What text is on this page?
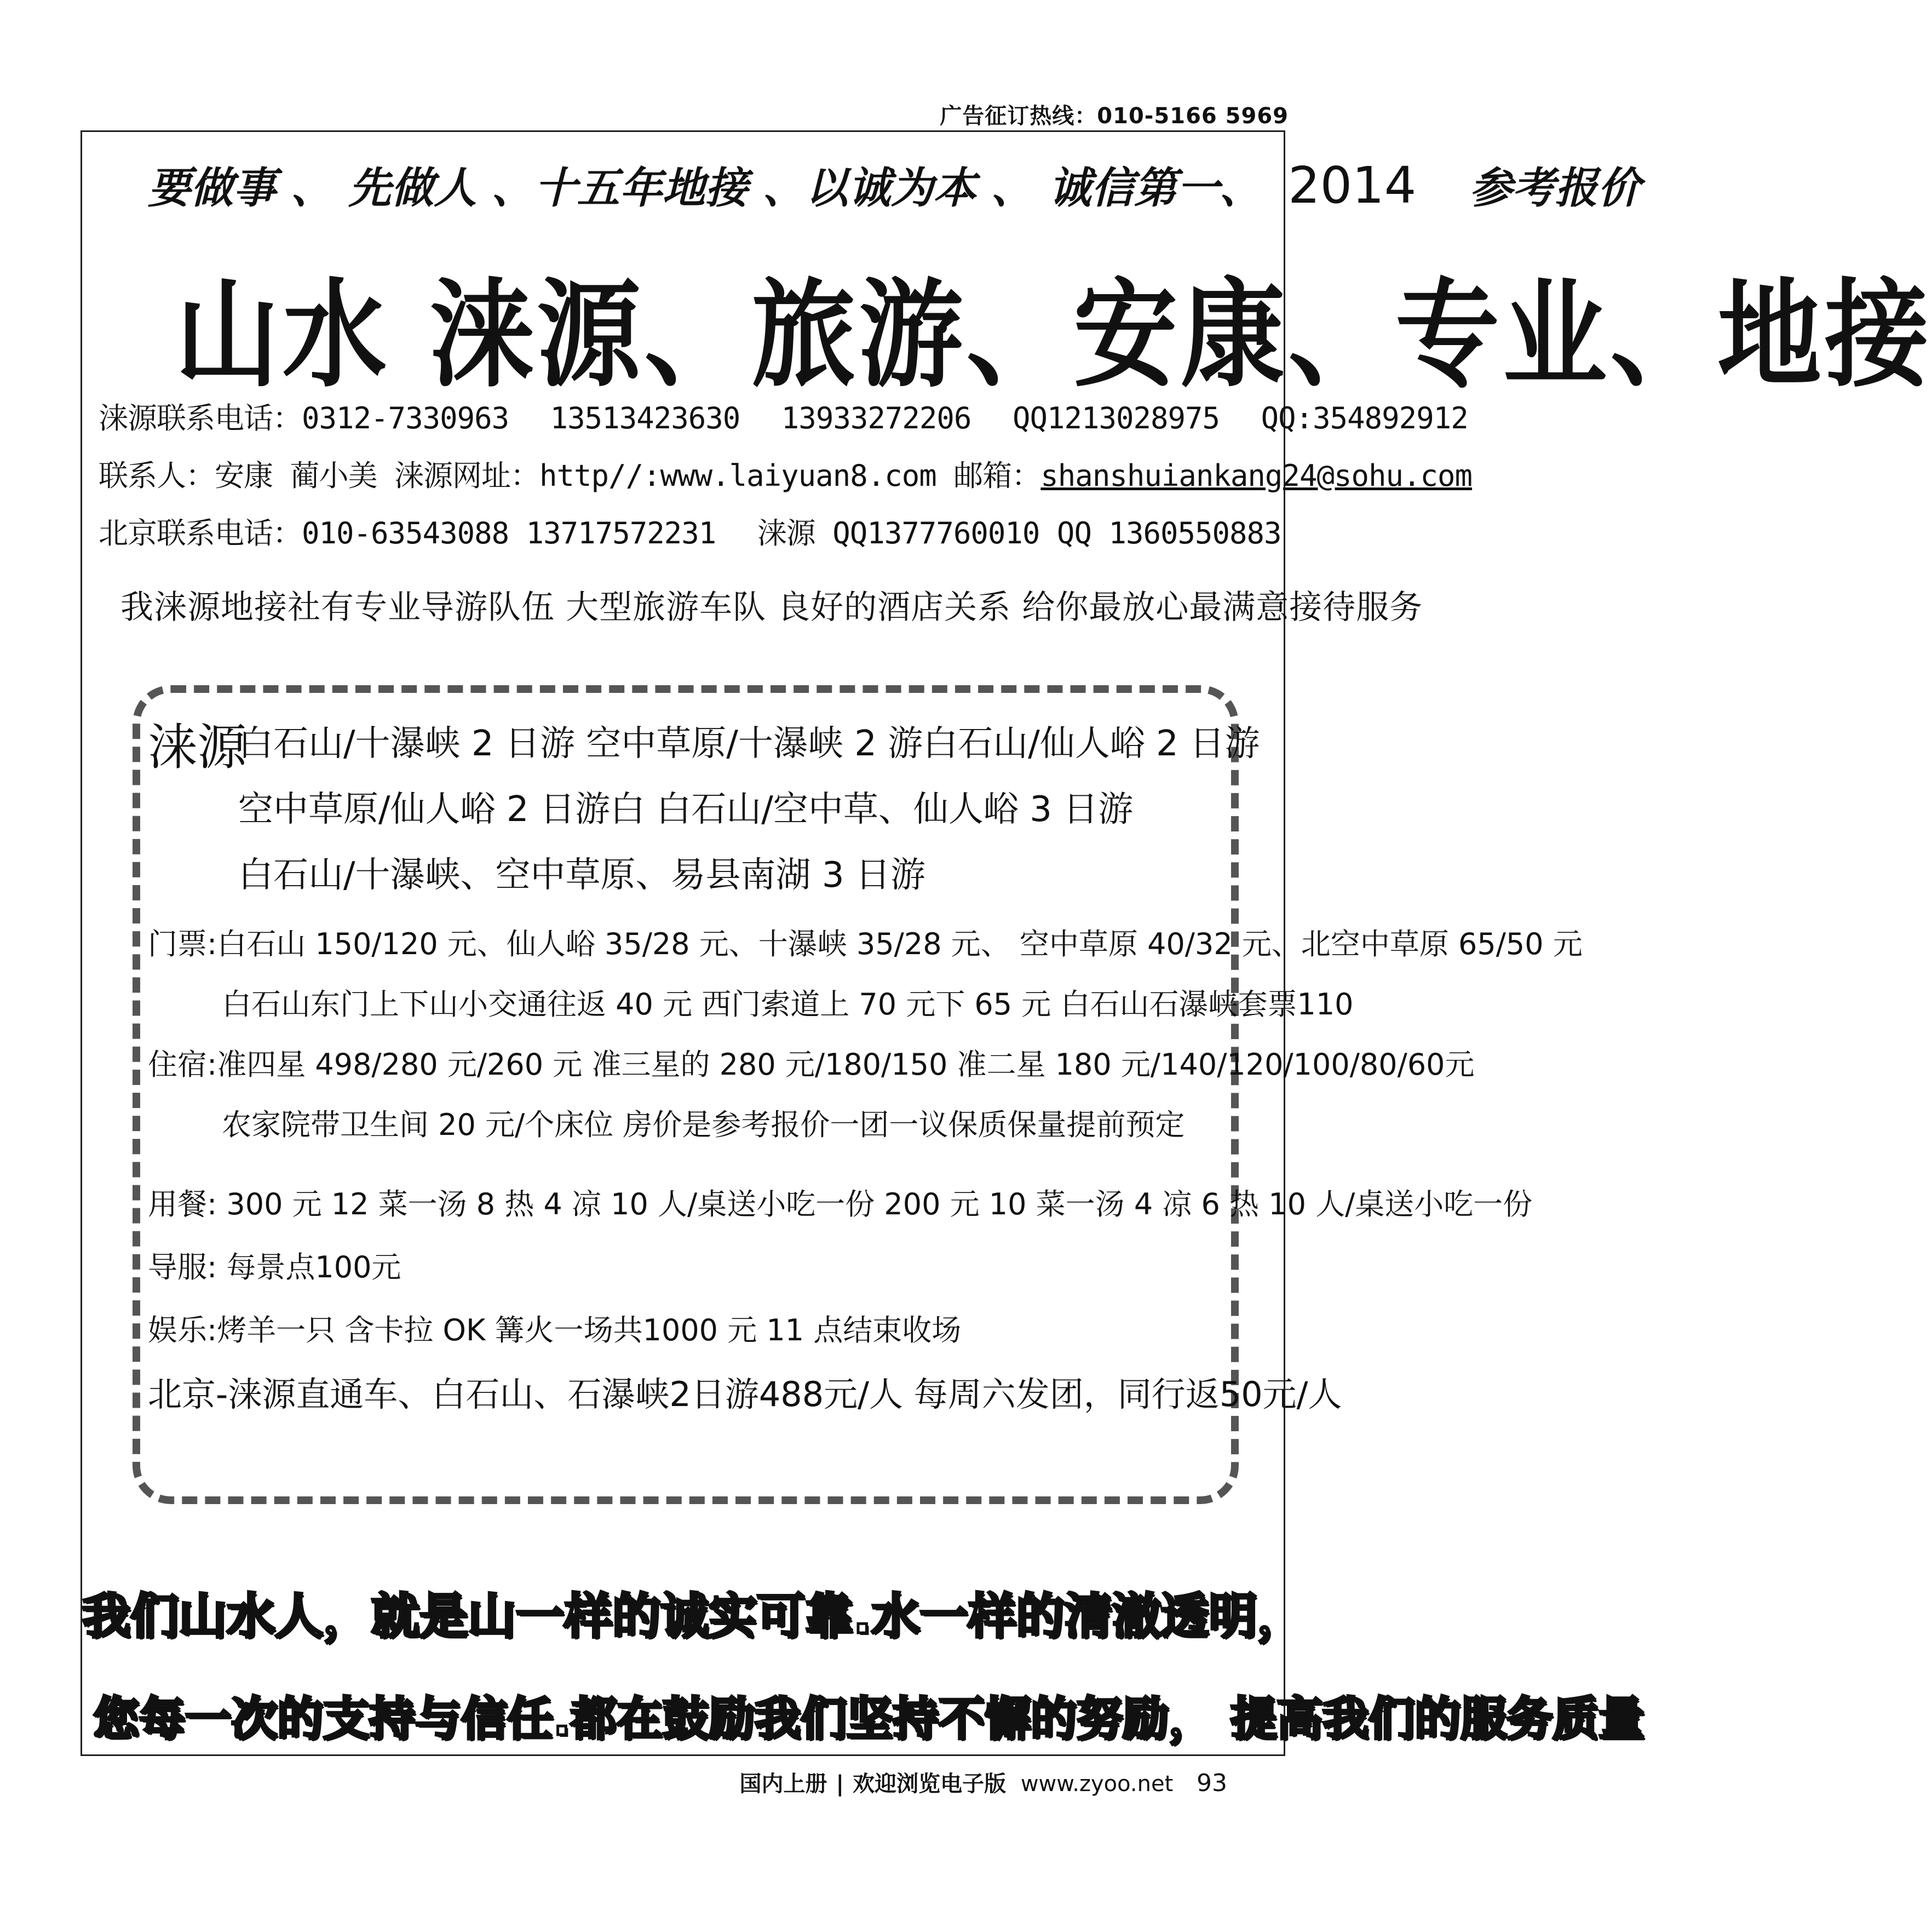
广告征订热线：010-5166 5969
要做事 、 先做人 、十五年地接 、以诚为本 、 诚信第一、 2014 参考报价
山水 涞源、旅游、安康、专业、地接
涞源联系电话：0312-7330963 13513423630 13933272206 QQ1213028975 QQ:354892912
联系人：安康 蔺小美 涞源网址：http//:www.laiyuan8.com 邮箱：shanshuiankang24@sohu.com
北京联系电话：010-63543088 13717572231 涞源 QQ1377760010 QQ 1360550883
我涞源地接社有专业导游队伍 大型旅游车队 良好的酒店关系 给你最放心最满意接待服务
涞源
白石山/十瀑峡 2 日游 空中草原/十瀑峡 2 游白石山/仙人峪 2 日游
空中草原/仙人峪 2 日游白 白石山/空中草、仙人峪 3 日游
白石山/十瀑峡、空中草原、易县南湖 3 日游
门票:白石山 150/120 元、仙人峪 35/28 元、十瀑峡 35/28 元、 空中草原 40/32 元、北空中草原 65/50 元
白石山东门上下山小交通往返 40 元 西门索道上 70 元下 65 元 白石山石瀑峡套票110
住宿:准四星 498/280 元/260 元 准三星的 280 元/180/150 准二星 180 元/140/120/100/80/60元
农家院带卫生间 20 元/个床位 房价是参考报价一团一议保质保量提前预定
用餐: 300 元 12 菜一汤 8 热 4 凉 10 人/桌送小吃一份 200 元 10 菜一汤 4 凉 6 热 10 人/桌送小吃一份
导服: 每景点100元
娱乐:烤羊一只 含卡拉 OK 篝火一场共1000 元 11 点结束收场
北京-涞源直通车、白石山、石瀑峡2日游488元/人 每周六发团，同行返50元/人
我们山水人，就是山一样的诚实可靠.水一样的清澈透明，
您每一次的支持与信任.都在鼓励我们坚持不懈的努励， 提高我们的服务质量
国内上册 | 欢迎浏览电子版 www.zyoo.net 93
